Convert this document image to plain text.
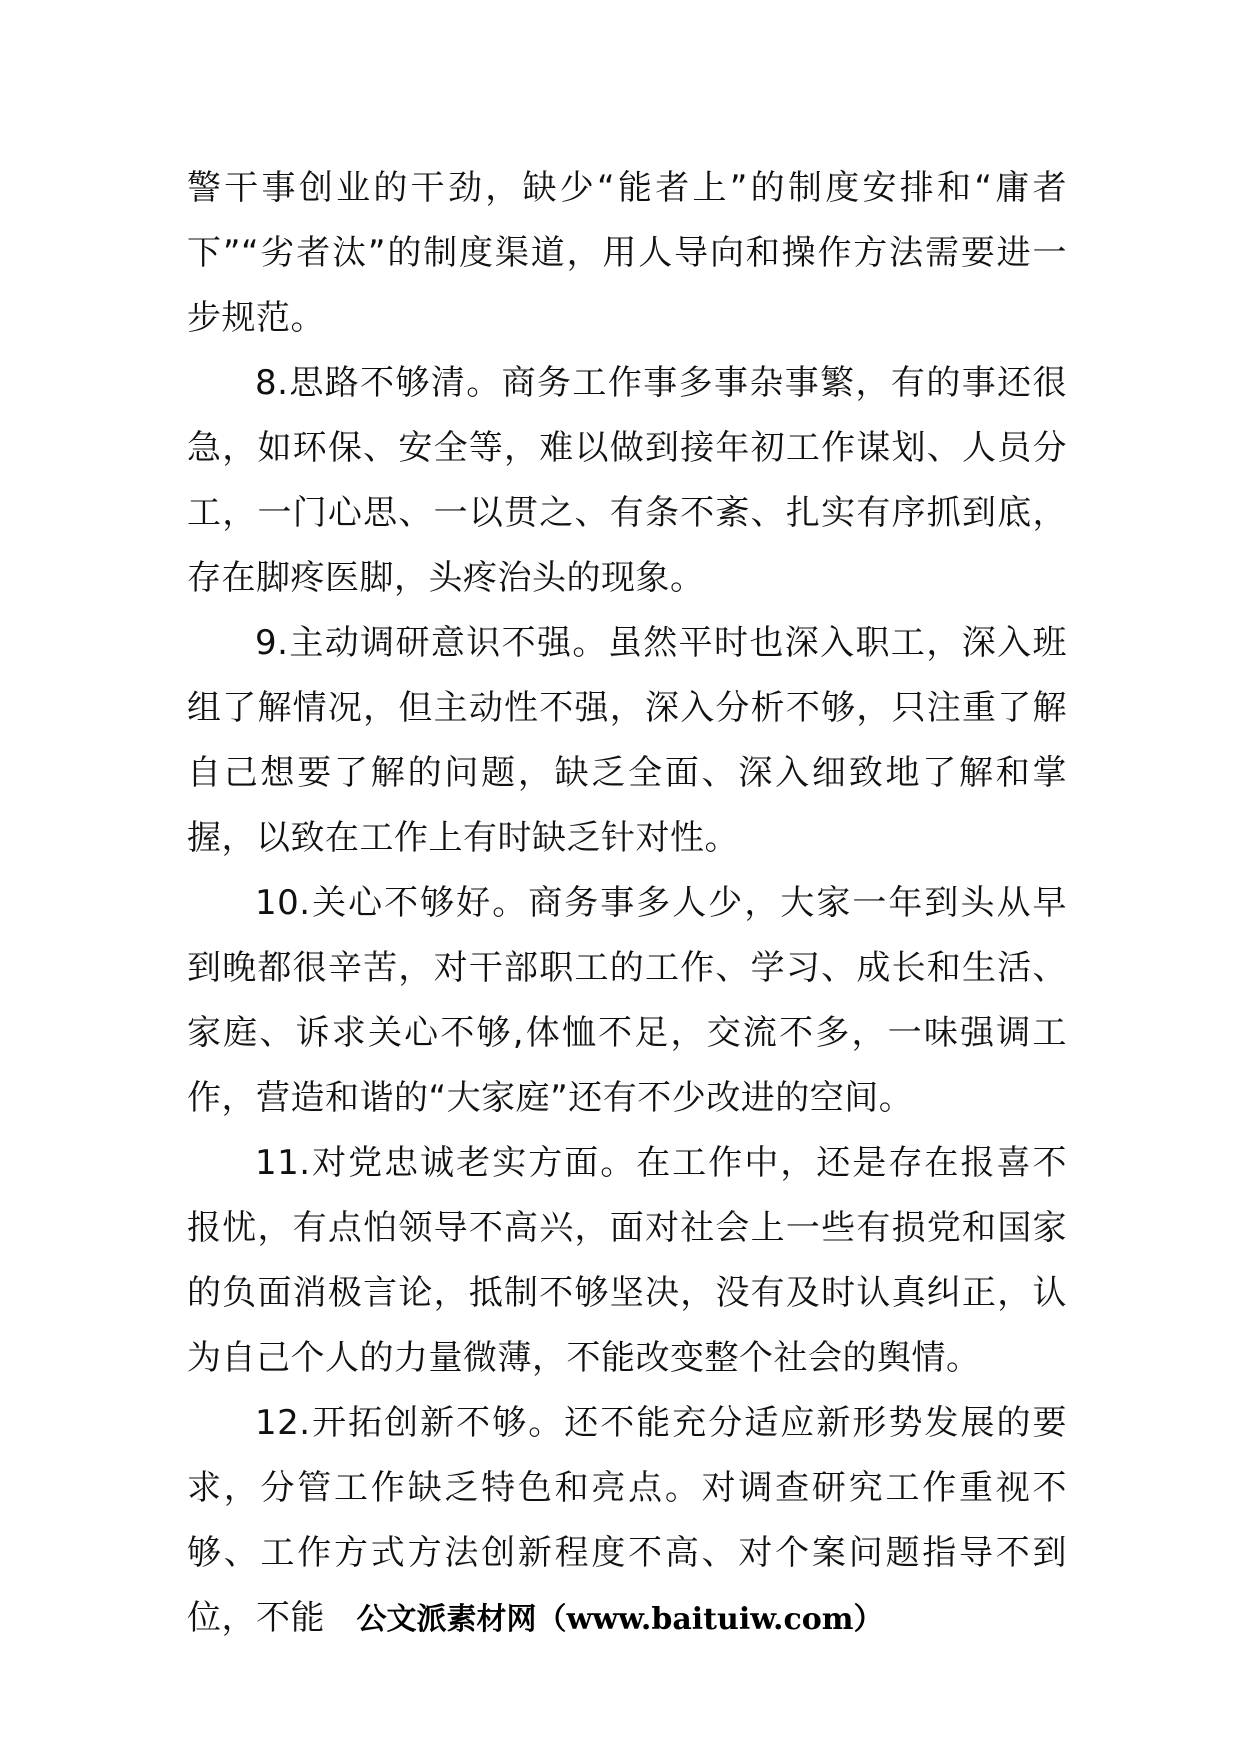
警干事创业的干劲，缺少“能者上”的制度安排和“庸者下”“劣者汰”的制度渠道，用人导向和操作方法需要进一步规范。

8.思路不够清。商务工作事多事杂事繁，有的事还很急，如环保、安全等，难以做到接年初工作谋划、人员分工，一门心思、一以贯之、有条不紊、扎实有序抓到底，存在脚疼医脚，头疼治头的现象。

9.主动调研意识不强。虽然平时也深入职工，深入班组了解情况，但主动性不强，深入分析不够，只注重了解自己想要了解的问题，缺乏全面、深入细致地了解和掌握，以致在工作上有时缺乏针对性。

10.关心不够好。商务事多人少，大家一年到头从早到晚都很辛苦，对干部职工的工作、学习、成长和生活、家庭、诉求关心不够,体恤不足，交流不多，一味强调工作，营造和谐的“大家庭”还有不少改进的空间。

11.对党忠诚老实方面。在工作中，还是存在报喜不报忧，有点怕领导不高兴，面对社会上一些有损党和国家的负面消极言论，抵制不够坚决，没有及时认真纠正，认为自己个人的力量微薄，不能改变整个社会的舆情。

12.开拓创新不够。还不能充分适应新形势发展的要求，分管工作缺乏特色和亮点。对调查研究工作重视不够、工作方式方法创新程度不高、对个案问题指导不到位，不能	公文派素材网（www.baituiw.com）
